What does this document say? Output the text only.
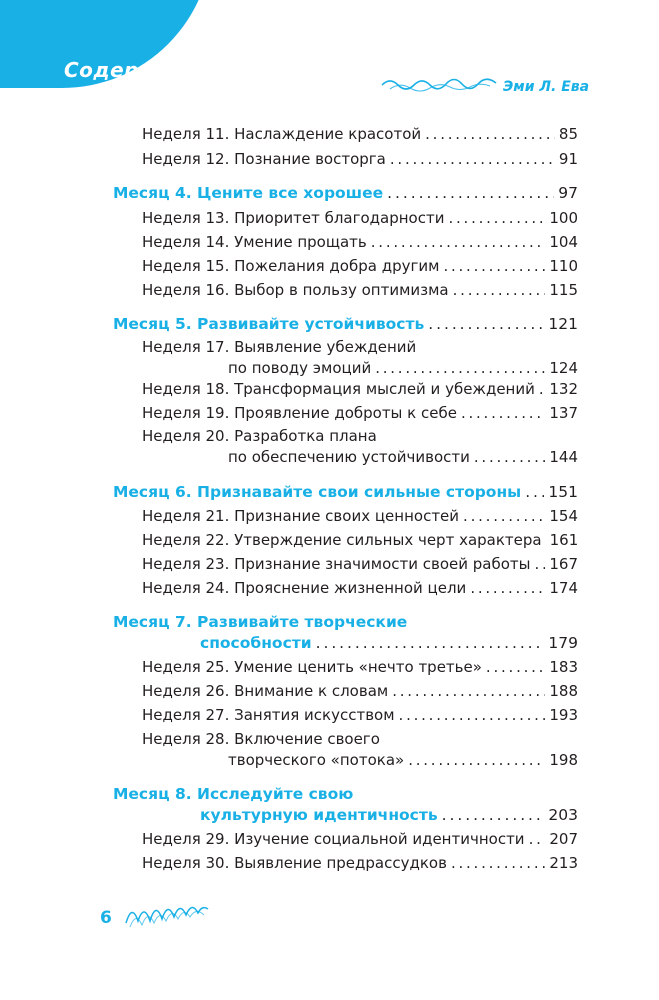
Содержание
Эми Л. Ева
Неделя 11. Наслаждение красотой . . .	85
Неделя 12. Познание восторга . . .	91
Месяц 4. Цените все хорошее . . .	97
Неделя 13. Приоритет благодарности . . .	100
Неделя 14. Умение прощать . . .	104
Неделя 15. Пожелания добра другим . . .	110
Неделя 16. Выбор в пользу оптимизма . . .	115
Месяц 5. Развивайте устойчивость . . .	121
Неделя 17. Выявление убеждений
по поводу эмоций . . .	124
Неделя 18. Трансформация мыслей и убеждений . . . 132
Неделя 19. Проявление доброты к себе . . .	137
Неделя 20. Разработка плана
по обеспечению устойчивости . . .	144
Месяц 6. Признавайте свои сильные стороны . . . 151
Неделя 21. Признание своих ценностей . . .	154
Неделя 22. Утверждение сильных черт характера 161
Неделя 23. Признание значимости своей работы . . . 167
Неделя 24. Прояснение жизненной цели . . .	174
Месяц 7. Развивайте творческие
способности . . .	179
Неделя 25. Умение ценить «нечто третье» . . .	183
Неделя 26. Внимание к словам . . .	188
Неделя 27. Занятия искусством . . .	193
Неделя 28. Включение своего
творческого «потока» . . .	198
Месяц 8. Исследуйте свою
культурную идентичность . . .	203
Неделя 29. Изучение социальной идентичности . . . 207
Неделя 30. Выявление предрассудков . . .	213
6
